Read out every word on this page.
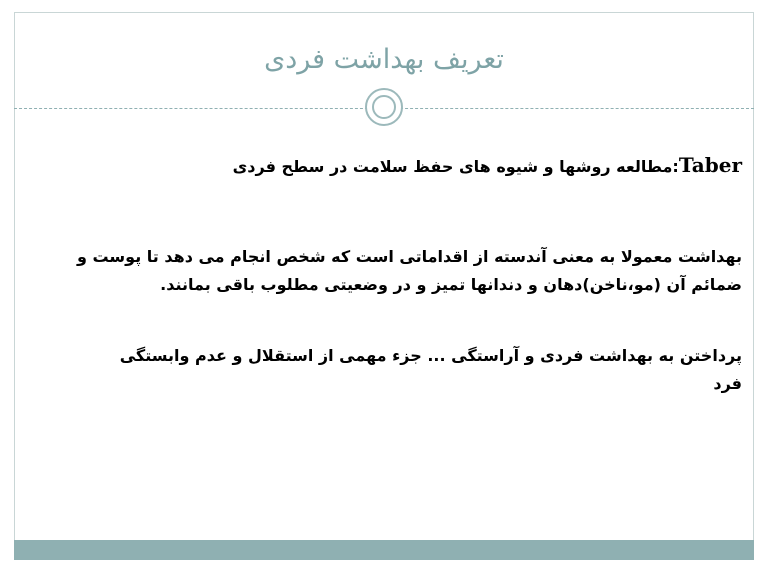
تعریف بهداشت فردی
Taber:مطالعه روشها و شیوه های حفظ سلامت در سطح فردی
بهداشت معمولا به معنی آندسته از اقداماتی است که شخص انجام می دهد تا پوست و
ضمائم آن (مو،ناخن)دهان و دندانها تمیز و در وضعیتی مطلوب باقی بمانند.
پرداختن به بهداشت فردی و آراستگی ... جزء مهمی از استقلال و عدم وابستگی
فرد
